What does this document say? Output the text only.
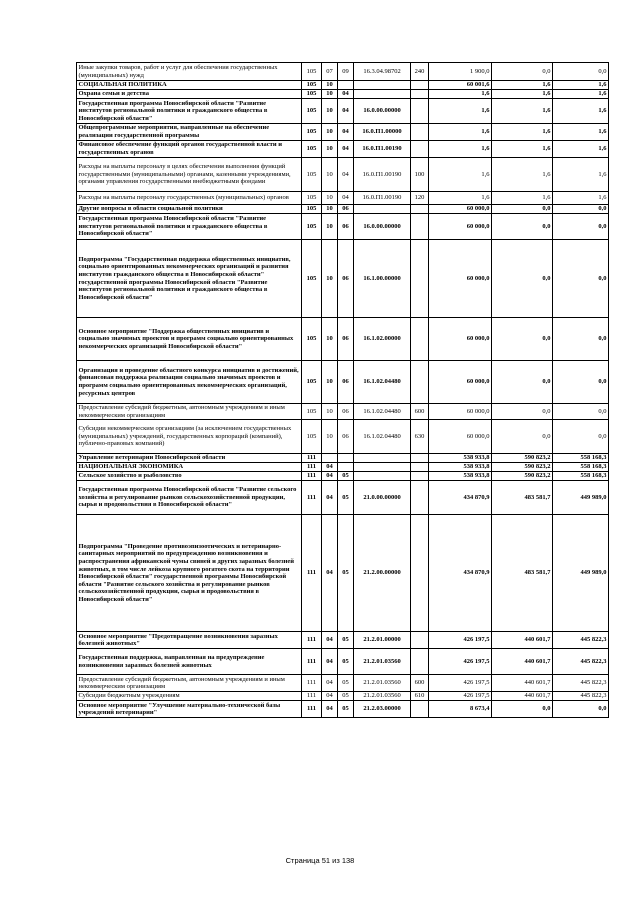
Иные закупки товаров, работ и услуг для обеспечения государственных (муниципальных) нужд	105	07	09	16.3.04.98702	240	1 900,0	0,0	0,0
СОЦИАЛЬНАЯ ПОЛИТИКА	105	10				60 001,6	1,6	1,6
Охрана семьи и детства	105	10	04			1,6	1,6	1,6
Государственная программа Новосибирской области "Развитие институтов региональной политики и гражданского общества в Новосибирской области"	105	10	04	16.0.00.00000		1,6	1,6	1,6
Общепрограммные мероприятия, направленные на обеспечение реализации государственной программы	105	10	04	16.0.П1.00000		1,6	1,6	1,6
Финансовое обеспечение функций органов государственной власти и государственных органов	105	10	04	16.0.П1.00190		1,6	1,6	1,6
Расходы на выплаты персоналу в целях обеспечения выполнения функций государственными (муниципальными) органами, казенными учреждениями, органами управления государственными внебюджетными фондами	105	10	04	16.0.П1.00190	100	1,6	1,6	1,6
Расходы на выплаты персоналу государственных (муниципальных) органов	105	10	04	16.0.П1.00190	120	1,6	1,6	1,6
Другие вопросы в области социальной политики	105	10	06			60 000,0	0,0	0,0
Государственная программа Новосибирской области "Развитие институтов региональной политики и гражданского общества в Новосибирской области"	105	10	06	16.0.00.00000		60 000,0	0,0	0,0
Подпрограмма "Государственная поддержка общественных инициатив, социально ориентированных некоммерческих организаций и развития институтов гражданского общества в Новосибирской области" государственной программы Новосибирской области "Развитие институтов региональной политики и гражданского общества в Новосибирской области"	105	10	06	16.1.00.00000		60 000,0	0,0	0,0
Основное мероприятие "Поддержка общественных инициатив и социально значимых проектов и программ социально ориентированных некоммерческих организаций Новосибирской области"	105	10	06	16.1.02.00000		60 000,0	0,0	0,0
Организация и проведение областного конкурса инициатив и достижений, финансовая поддержка реализации социально значимых проектов и программ социально ориентированных некоммерческих организаций, ресурсных центров	105	10	06	16.1.02.04480		60 000,0	0,0	0,0
Предоставление субсидий бюджетным, автономным учреждениям и иным некоммерческим организациям	105	10	06	16.1.02.04480	600	60 000,0	0,0	0,0
Субсидии некоммерческим организациям (за исключением государственных (муниципальных) учреждений, государственных корпораций (компаний), публично-правовых компаний)	105	10	06	16.1.02.04480	630	60 000,0	0,0	0,0
Управление ветеринарии Новосибирской области	111					538 933,8	590 823,2	558 168,3
НАЦИОНАЛЬНАЯ ЭКОНОМИКА	111	04				538 933,8	590 823,2	558 168,3
Сельское хозяйство и рыболовство	111	04	05			538 933,8	590 823,2	558 168,3
Государственная программа Новосибирской области "Развитие сельского хозяйства и регулирование рынков сельскохозяйственной продукции, сырья и продовольствия в Новосибирской области"	111	04	05	21.0.00.00000		434 870,9	483 581,7	449 989,0
Подпрограмма "Проведение противоэпизоотических и ветеринарно-санитарных мероприятий по предупреждению возникновения и распространения африканской чумы свиней и других заразных болезней животных, в том числе лейкоза крупного рогатого скота на территории Новосибирской области" государственной программы Новосибирской области "Развитие сельского хозяйства и регулирование рынков сельскохозяйственной продукции, сырья и продовольствия в Новосибирской области"	111	04	05	21.2.00.00000		434 870,9	483 581,7	449 989,0
Основное мероприятие "Предотвращение возникновения заразных болезней животных"	111	04	05	21.2.01.00000		426 197,5	440 601,7	445 822,3
Государственная поддержка, направленная на предупреждение возникновения заразных болезней животных	111	04	05	21.2.01.03560		426 197,5	440 601,7	445 822,3
Предоставление субсидий бюджетным, автономным учреждениям и иным некоммерческим организациям	111	04	05	21.2.01.03560	600	426 197,5	440 601,7	445 822,3
Субсидии бюджетным учреждениям	111	04	05	21.2.01.03560	610	426 197,5	440 601,7	445 822,3
Основное мероприятие "Улучшение материально-технической базы учреждений ветеринарии"	111	04	05	21.2.03.00000		8 673,4	0,0	0,0
Страница 51 из 138
